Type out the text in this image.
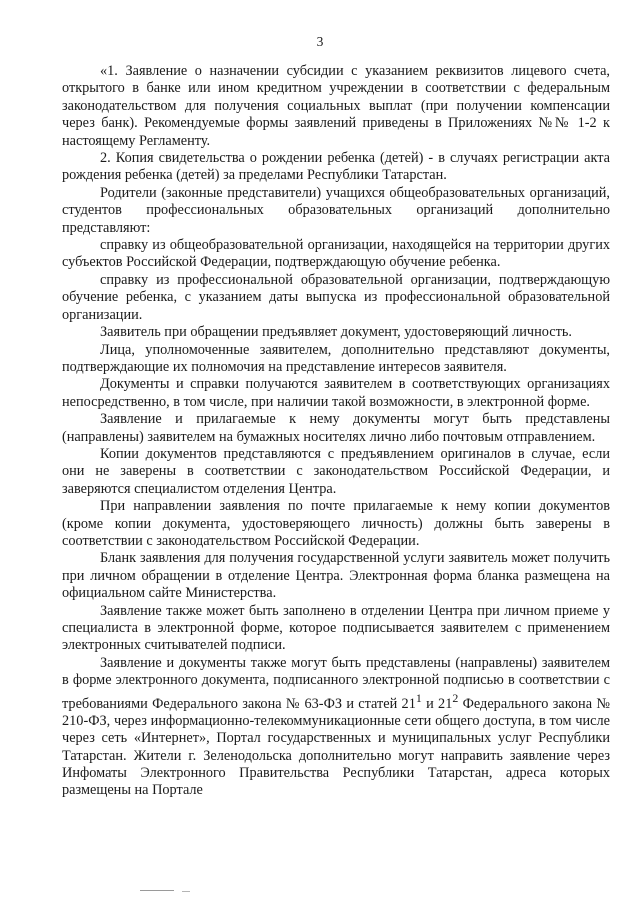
3

«1. Заявление о назначении субсидии с указанием реквизитов лицевого счета, открытого в банке или ином кредитном учреждении в соответствии с федеральным законодательством для получения социальных выплат (при получении компенсации через банк). Рекомендуемые формы заявлений приведены в Приложениях №№ 1-2 к настоящему Регламенту.

2. Копия свидетельства о рождении ребенка (детей) - в случаях регистрации акта рождения ребенка (детей) за пределами Республики Татарстан.

Родители (законные представители) учащихся общеобразовательных организаций, студентов профессиональных образовательных организаций дополнительно представляют:

справку из общеобразовательной организации, находящейся на территории других субъектов Российской Федерации, подтверждающую обучение ребенка.

справку из профессиональной образовательной организации, подтверждающую обучение ребенка, с указанием даты выпуска из профессиональной образовательной организации.

Заявитель при обращении предъявляет документ, удостоверяющий личность.

Лица, уполномоченные заявителем, дополнительно представляют документы, подтверждающие их полномочия на представление интересов заявителя.

Документы и справки получаются заявителем в соответствующих организациях непосредственно, в том числе, при наличии такой возможности, в электронной форме.

Заявление и прилагаемые к нему документы могут быть представлены (направлены) заявителем на бумажных носителях лично либо почтовым отправлением.

Копии документов представляются с предъявлением оригиналов в случае, если они не заверены в соответствии с законодательством Российской Федерации, и заверяются специалистом отделения Центра.

При направлении заявления по почте прилагаемые к нему копии документов (кроме копии документа, удостоверяющего личность) должны быть заверены в соответствии с законодательством Российской Федерации.

Бланк заявления для получения государственной услуги заявитель может получить при личном обращении в отделение Центра. Электронная форма бланка размещена на официальном сайте Министерства.

Заявление также может быть заполнено в отделении Центра при личном приеме у специалиста в электронной форме, которое подписывается заявителем с применением электронных считывателей подписи.

Заявление и документы также могут быть представлены (направлены) заявителем в форме электронного документа, подписанного электронной подписью в соответствии с требованиями Федерального закона № 63-ФЗ и статей $21^1$ и $21^2$ Федерального закона № 210-ФЗ, через информационно-телекоммуникационные сети общего доступа, в том числе через сеть «Интернет», Портал государственных и муниципальных услуг Республики Татарстан. Жители г. Зеленодольска дополнительно могут направить заявление через Инфоматы Электронного Правительства Республики Татарстан, адреса которых размещены на Портале
